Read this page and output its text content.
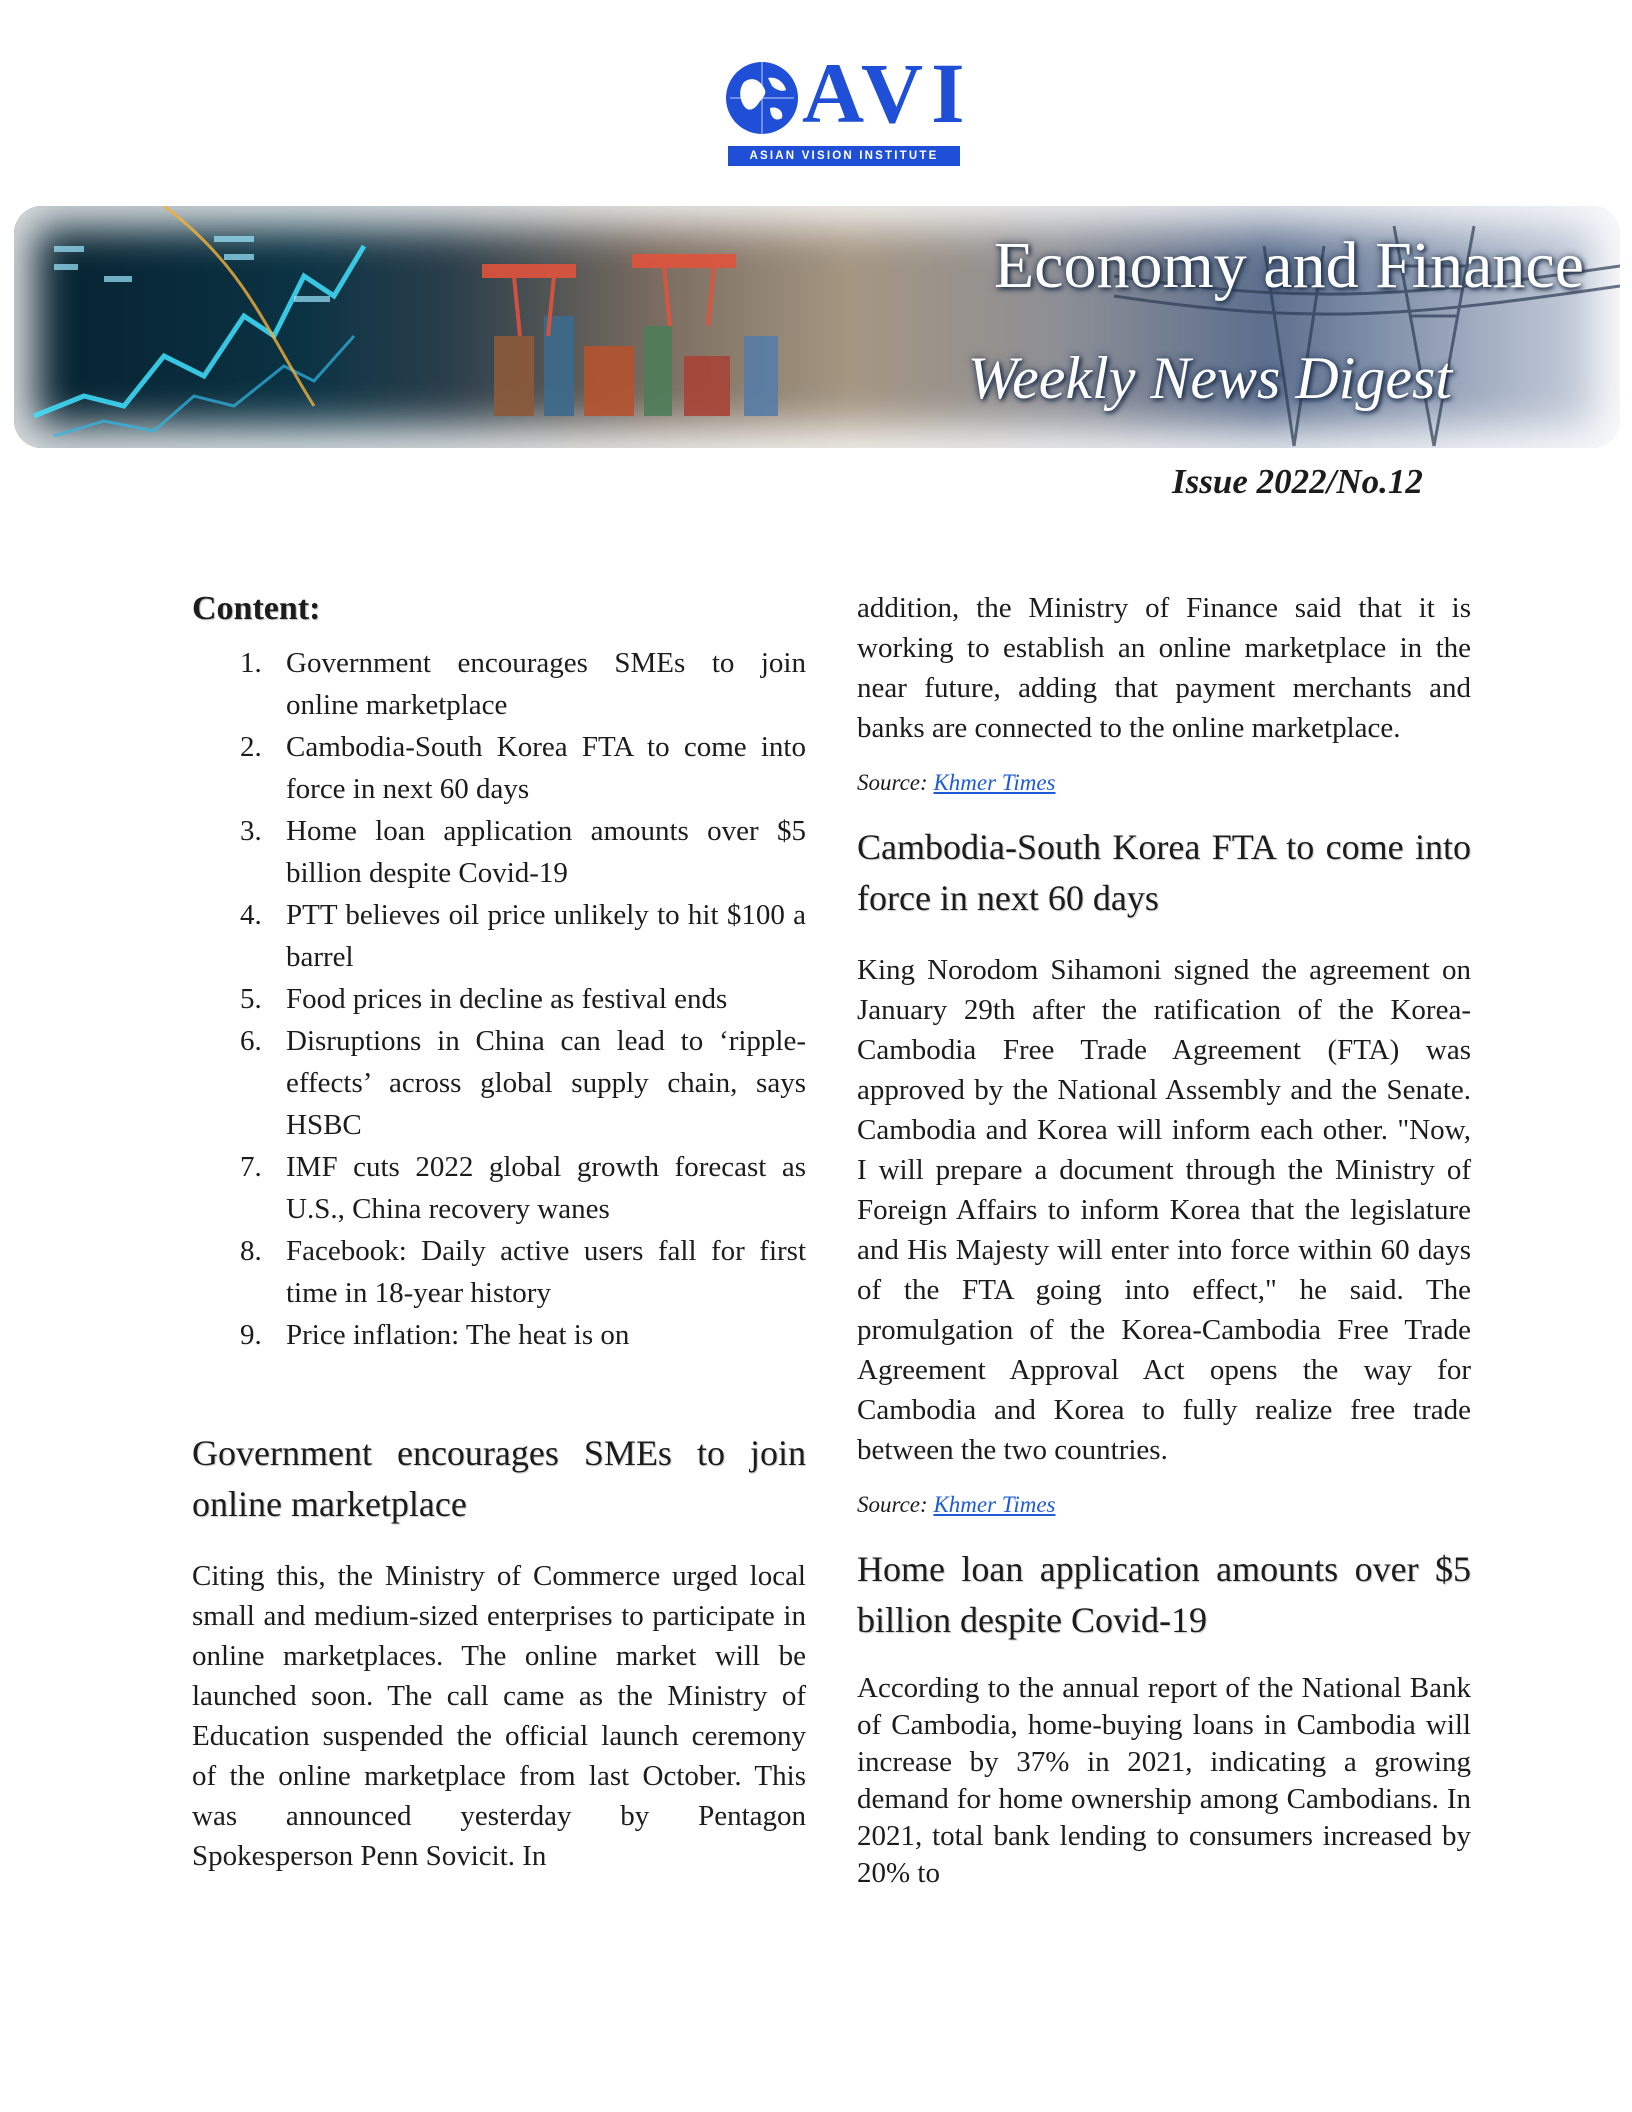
AVI
ASIAN VISION INSTITUTE
Economy and Finance
Weekly News Digest
Issue 2022/No.12
Content:
1. Government encourages SMEs to join online marketplace
2. Cambodia-South Korea FTA to come into force in next 60 days
3. Home loan application amounts over $5 billion despite Covid-19
4. PTT believes oil price unlikely to hit $100 a barrel
5. Food prices in decline as festival ends
6. Disruptions in China can lead to ‘ripple-effects’ across global supply chain, says HSBC
7. IMF cuts 2022 global growth forecast as U.S., China recovery wanes
8. Facebook: Daily active users fall for first time in 18-year history
9. Price inflation: The heat is on
Government encourages SMEs to join online marketplace

Citing this, the Ministry of Commerce urged local small and medium-sized enterprises to participate in online marketplaces. The online market will be launched soon. The call came as the Ministry of Education suspended the official launch ceremony of the online marketplace from last October. This was announced yesterday by Pentagon Spokesperson Penn Sovicit. In

addition, the Ministry of Finance said that it is working to establish an online marketplace in the near future, adding that payment merchants and banks are connected to the online marketplace.

Source: Khmer Times

Cambodia-South Korea FTA to come into force in next 60 days

King Norodom Sihamoni signed the agreement on January 29th after the ratification of the Korea-Cambodia Free Trade Agreement (FTA) was approved by the National Assembly and the Senate. Cambodia and Korea will inform each other. "Now, I will prepare a document through the Ministry of Foreign Affairs to inform Korea that the legislature and His Majesty will enter into force within 60 days of the FTA going into effect," he said. The promulgation of the Korea-Cambodia Free Trade Agreement Approval Act opens the way for Cambodia and Korea to fully realize free trade between the two countries.

Source: Khmer Times

Home loan application amounts over $5 billion despite Covid-19

According to the annual report of the National Bank of Cambodia, home-buying loans in Cambodia will increase by 37% in 2021, indicating a growing demand for home ownership among Cambodians. In 2021, total bank lending to consumers increased by 20% to
